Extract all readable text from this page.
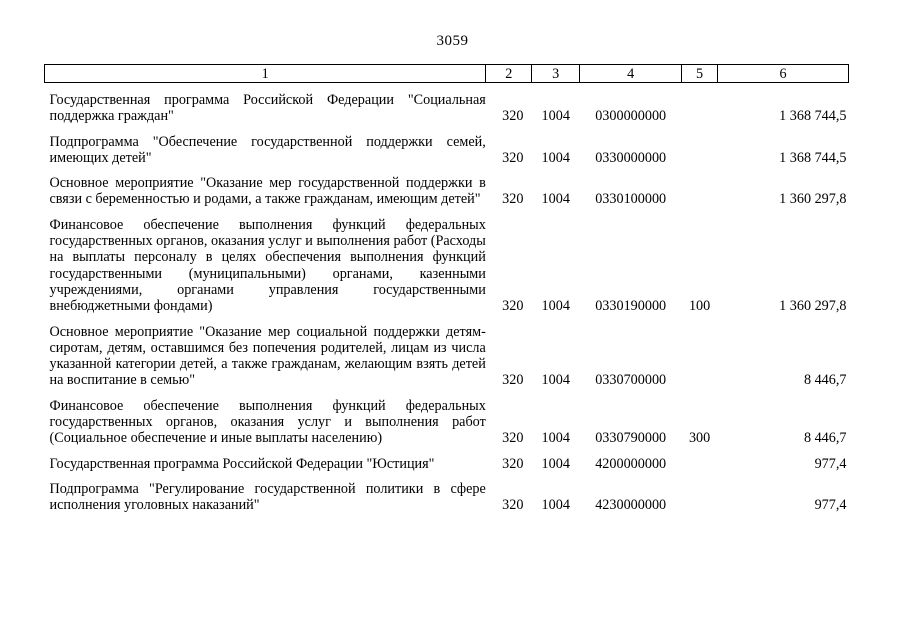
3059
1	2	3	4	5	6

Государственная программа Российской Федерации "Социальная поддержка граждан"	320	1004	0300000000		1 368 744,5

Подпрограмма "Обеспечение государственной поддержки семей, имеющих детей"	320	1004	0330000000		1 368 744,5

Основное мероприятие "Оказание мер государственной поддержки в связи с беременностью и родами, а также гражданам, имеющим детей"	320	1004	0330100000		1 360 297,8

Финансовое обеспечение выполнения функций федеральных государственных органов, оказания услуг и выполнения работ (Расходы на выплаты персоналу в целях обеспечения выполнения функций государственными (муниципальными) органами, казенными учреждениями, органами управления государственными внебюджетными фондами)	320	1004	0330190000	100	1 360 297,8

Основное мероприятие "Оказание мер социальной поддержки детям-сиротам, детям, оставшимся без попечения родителей, лицам из числа указанной категории детей, а также гражданам, желающим взять детей на воспитание в семью"	320	1004	0330700000		8 446,7

Финансовое обеспечение выполнения функций федеральных государственных органов, оказания услуг и выполнения работ (Социальное обеспечение и иные выплаты населению)	320	1004	0330790000	300	8 446,7

Государственная программа Российской Федерации "Юстиция"	320	1004	4200000000		977,4

Подпрограмма "Регулирование государственной политики в сфере исполнения уголовных наказаний"	320	1004	4230000000		977,4
